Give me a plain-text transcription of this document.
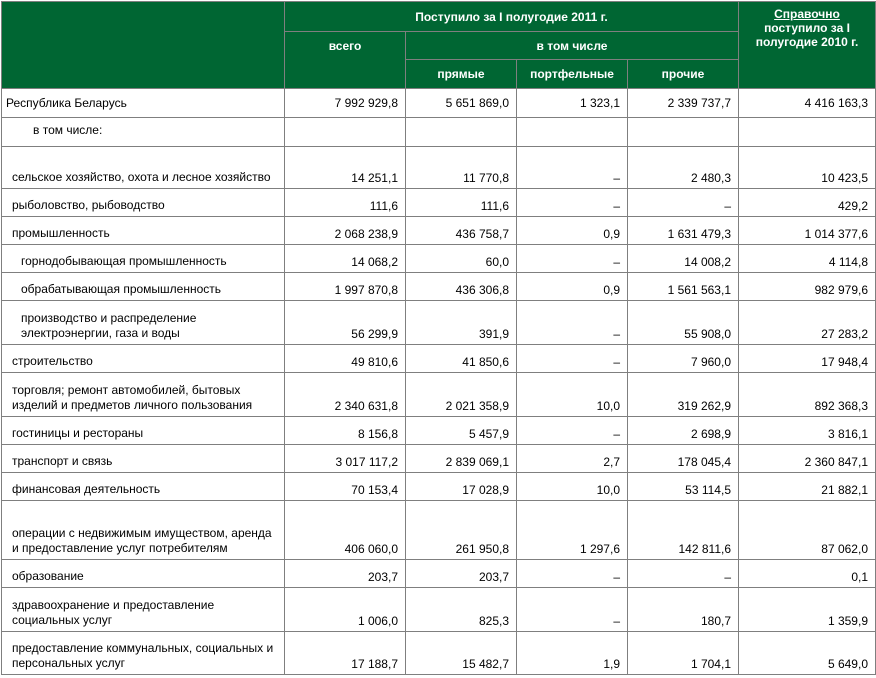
	Поступило за I полугодие 2011 г.				Справочно
поступило за I полугодие 2010 г.
	всего	в том числе			
		прямые	портфельные	прочие	
Республика Беларусь	7 992 929,8	5 651 869,0	1 323,1	2 339 737,7	4 416 163,3
в том числе:					
сельское хозяйство, охота и лесное хозяйство	14 251,1	11 770,8	–	2 480,3	10 423,5
рыболовство, рыбоводство	111,6	111,6	–	–	429,2
промышленность	2 068 238,9	436 758,7	0,9	1 631 479,3	1 014 377,6
горнодобывающая промышленность	14 068,2	60,0	–	14 008,2	4 114,8
обрабатывающая промышленность	1 997 870,8	436 306,8	0,9	1 561 563,1	982 979,6
производство и распределение электроэнергии, газа и воды	56 299,9	391,9	–	55 908,0	27 283,2
строительство	49 810,6	41 850,6	–	7 960,0	17 948,4
торговля; ремонт автомобилей, бытовых изделий и предметов личного пользования	2 340 631,8	2 021 358,9	10,0	319 262,9	892 368,3
гостиницы и рестораны	8 156,8	5 457,9	–	2 698,9	3 816,1
транспорт и связь	3 017 117,2	2 839 069,1	2,7	178 045,4	2 360 847,1
финансовая деятельность	70 153,4	17 028,9	10,0	53 114,5	21 882,1
операции с недвижимым имуществом, аренда и предоставление услуг потребителям	406 060,0	261 950,8	1 297,6	142 811,6	87 062,0
образование	203,7	203,7	–	–	0,1
здравоохранение и предоставление социальных услуг	1 006,0	825,3	–	180,7	1 359,9
предоставление коммунальных, социальных и персональных услуг	17 188,7	15 482,7	1,9	1 704,1	5 649,0
